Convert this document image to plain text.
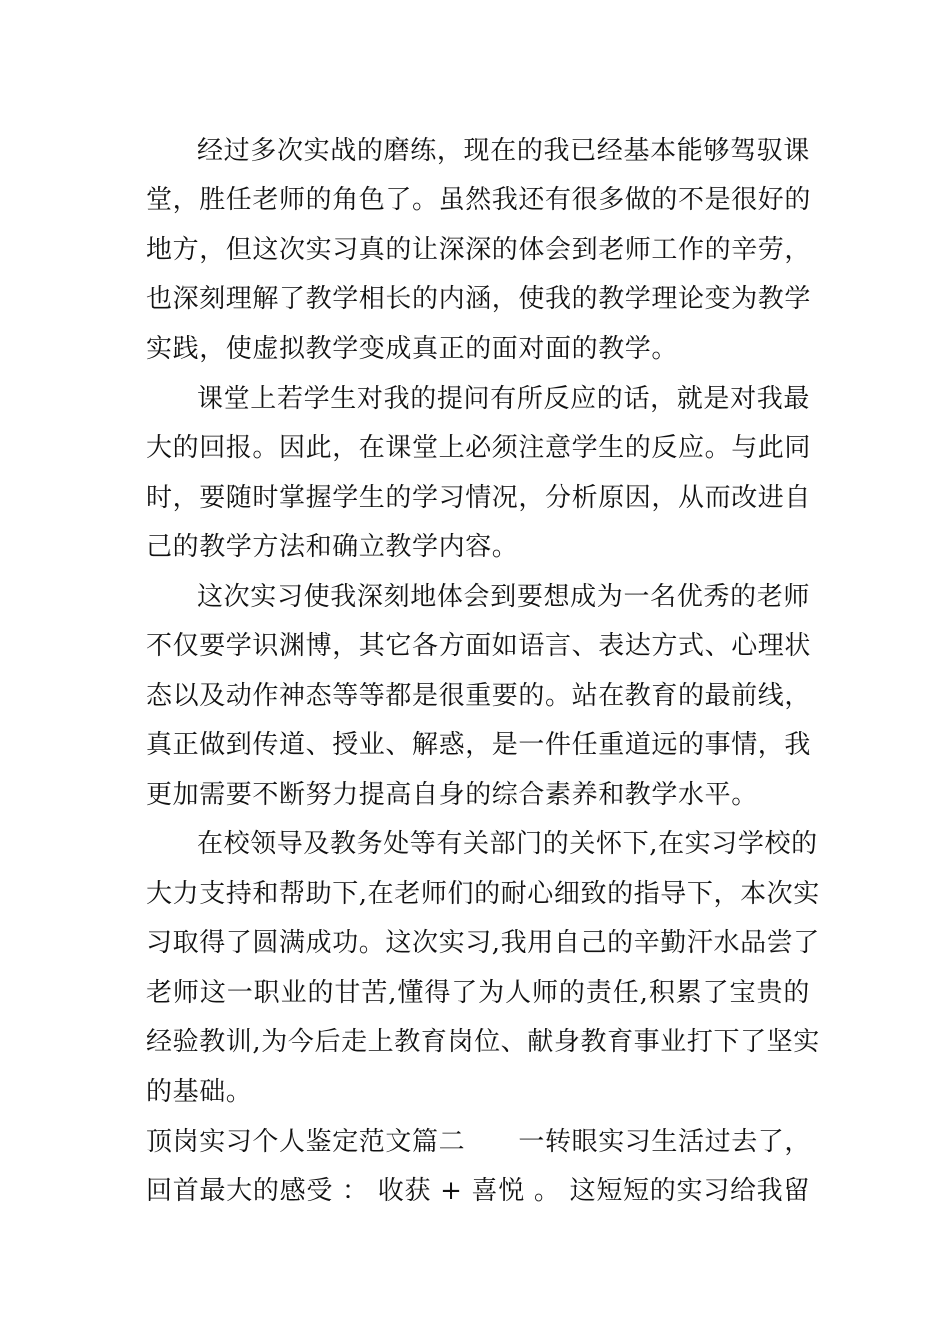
经过多次实战的磨练，现在的我已经基本能够驾驭课
堂，胜任老师的角色了。虽然我还有很多做的不是很好的
地方，但这次实习真的让深深的体会到老师工作的辛劳，
也深刻理解了教学相长的内涵，使我的教学理论变为教学
实践，使虚拟教学变成真正的面对面的教学。
课堂上若学生对我的提问有所反应的话，就是对我最
大的回报。因此，在课堂上必须注意学生的反应。与此同
时，要随时掌握学生的学习情况，分析原因，从而改进自
己的教学方法和确立教学内容。
这次实习使我深刻地体会到要想成为一名优秀的老师
不仅要学识渊博，其它各方面如语言、表达方式、心理状
态以及动作神态等等都是很重要的。站在教育的最前线，
真正做到传道、授业、解惑，是一件任重道远的事情，我
更加需要不断努力提高自身的综合素养和教学水平。
在校领导及教务处等有关部门的关怀下,在实习学校的
大力支持和帮助下,在老师们的耐心细致的指导下，本次实
习取得了圆满成功。这次实习,我用自己的辛勤汗水品尝了
老师这一职业的甘苦,懂得了为人师的责任,积累了宝贵的
经验教训,为今后走上教育岗位、献身教育事业打下了坚实
的基础。
顶岗实习个人鉴定范文篇二　　一转眼实习生活过去了，
回首最大的感受 ： 收获 + 喜悦 。 这短短的实习给我留
